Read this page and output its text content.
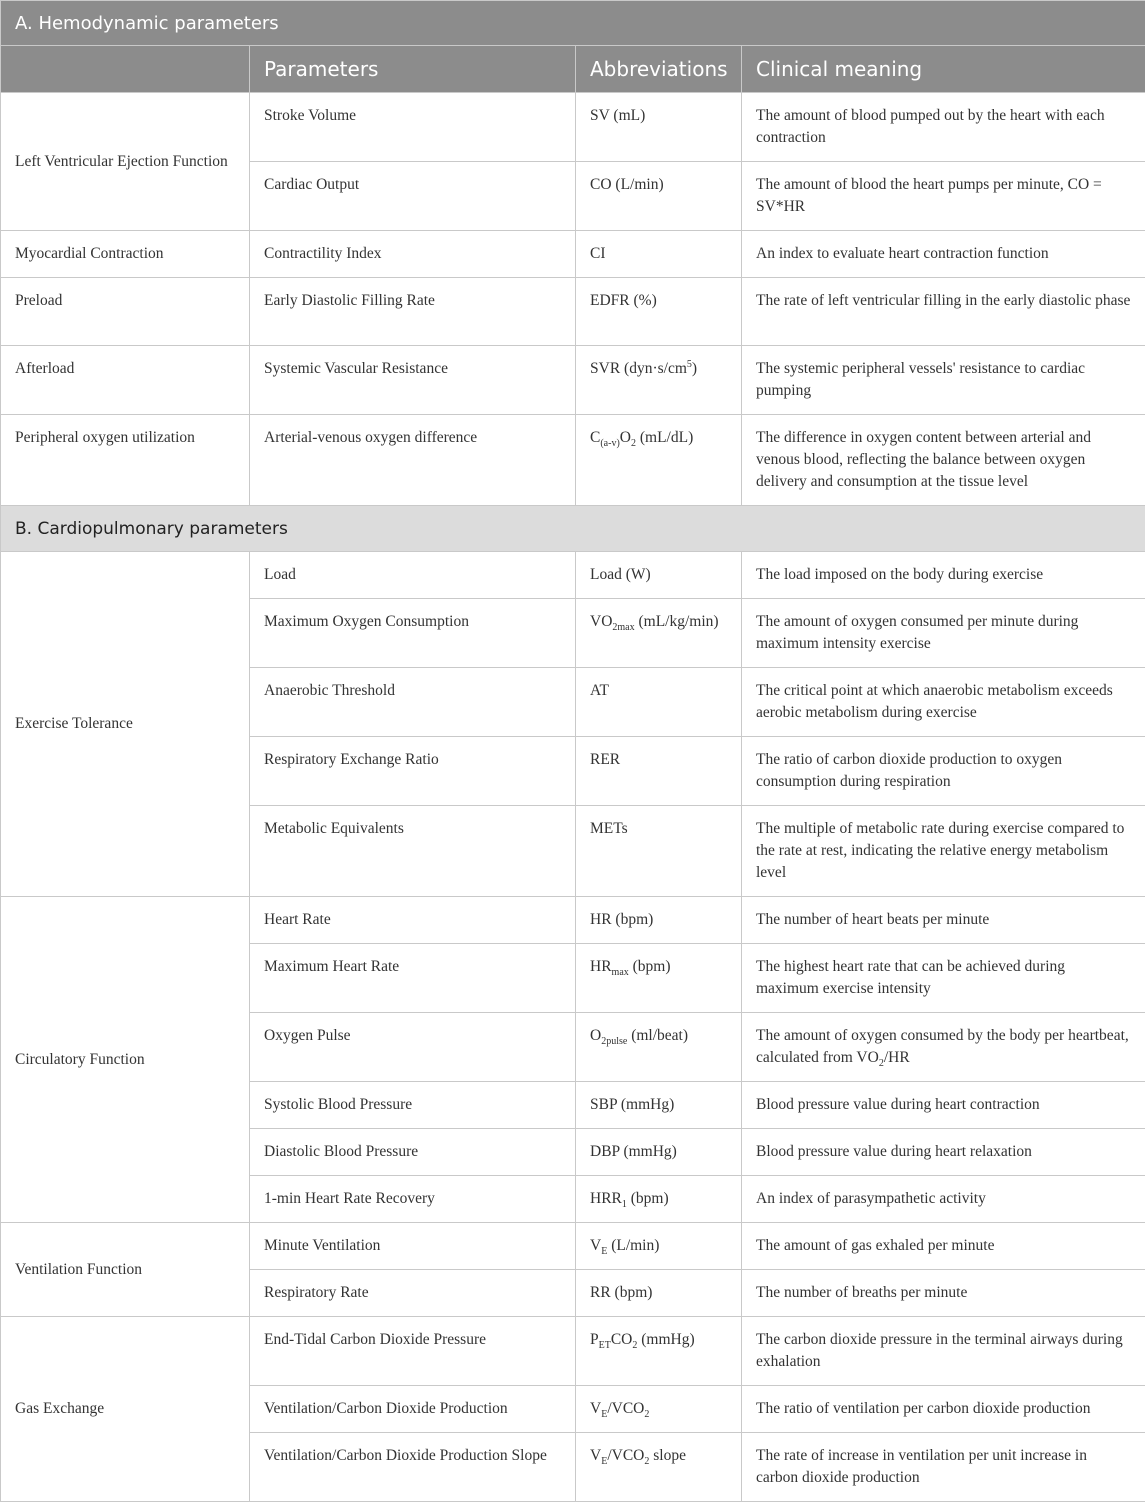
A. Hemodynamic parameters			
	Parameters	Abbreviations	Clinical meaning
Left Ventricular Ejection Function	Stroke Volume	SV (mL)	The amount of blood pumped out by the heart with each contraction
	Cardiac Output	CO (L/min)	The amount of blood the heart pumps per minute, CO = SV*HR
Myocardial Contraction	Contractility Index	CI	An index to evaluate heart contraction function
Preload	Early Diastolic Filling Rate	EDFR (%)	The rate of left ventricular filling in the early diastolic phase
Afterload	Systemic Vascular Resistance	SVR $(dyn\cdot s/cm^5)$	The systemic peripheral vessels' resistance to cardiac pumping
Peripheral oxygen utilization	Arterial-venous oxygen difference	$C_{(a-v)}O_2$ (mL/dL)	The difference in oxygen content between arterial and venous blood, reflecting the balance between oxygen delivery and consumption at the tissue level
B. Cardiopulmonary parameters			
Exercise Tolerance	Load	Load (W)	The load imposed on the body during exercise
	Maximum Oxygen Consumption	$VO_{2max}$ (mL/kg/min)	The amount of oxygen consumed per minute during maximum intensity exercise
	Anaerobic Threshold	AT	The critical point at which anaerobic metabolism exceeds aerobic metabolism during exercise
	Respiratory Exchange Ratio	RER	The ratio of carbon dioxide production to oxygen consumption during respiration
	Metabolic Equivalents	METs	The multiple of metabolic rate during exercise compared to the rate at rest, indicating the relative energy metabolism level
Circulatory Function	Heart Rate	HR (bpm)	The number of heart beats per minute
	Maximum Heart Rate	$HR_{max}$ (bpm)	The highest heart rate that can be achieved during maximum exercise intensity
	Oxygen Pulse	$O_{2pulse}$ (ml/beat)	The amount of oxygen consumed by the body per heartbeat, calculated from $VO_2/HR$
	Systolic Blood Pressure	SBP (mmHg)	Blood pressure value during heart contraction
	Diastolic Blood Pressure	DBP (mmHg)	Blood pressure value during heart relaxation
	1-min Heart Rate Recovery	$HRR_1$ (bpm)	An index of parasympathetic activity
Ventilation Function	Minute Ventilation	$V_E$ (L/min)	The amount of gas exhaled per minute
	Respiratory Rate	RR (bpm)	The number of breaths per minute
Gas Exchange	End-Tidal Carbon Dioxide Pressure	$P_{ET}CO_2$ (mmHg)	The carbon dioxide pressure in the terminal airways during exhalation
	Ventilation/Carbon Dioxide Production	$V_E/VCO_2$	The ratio of ventilation per carbon dioxide production
	Ventilation/Carbon Dioxide Production Slope	$V_E/VCO_2$ slope	The rate of increase in ventilation per unit increase in carbon dioxide production
